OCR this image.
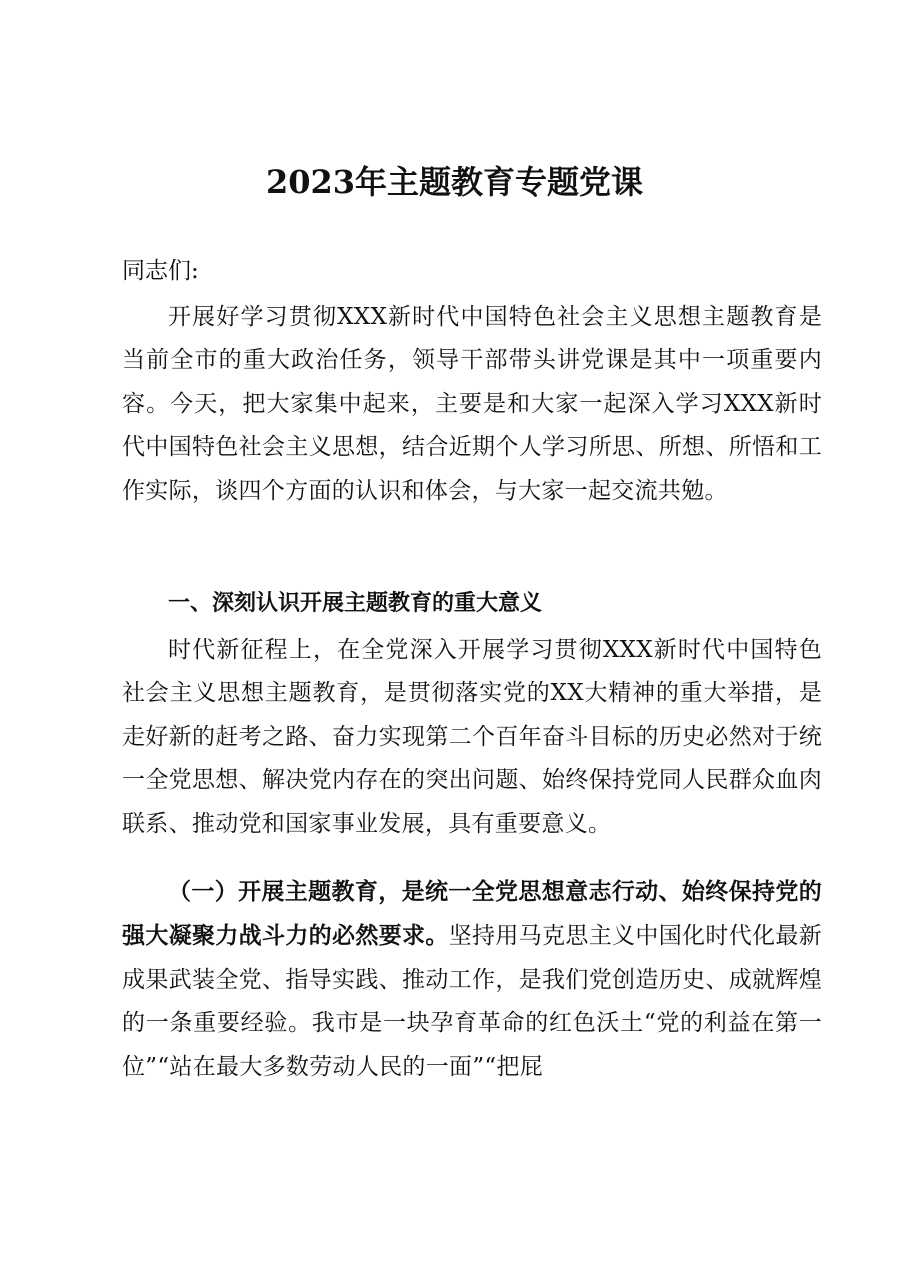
2023年主题教育专题党课
同志们:

开展好学习贯彻XXX新时代中国特色社会主义思想主题教育是当前全市的重大政治任务，领导干部带头讲党课是其中一项重要内容。今天，把大家集中起来，主要是和大家一起深入学习XXX新时代中国特色社会主义思想，结合近期个人学习所思、所想、所悟和工作实际，谈四个方面的认识和体会，与大家一起交流共勉。

一、深刻认识开展主题教育的重大意义

时代新征程上，在全党深入开展学习贯彻XXX新时代中国特色社会主义思想主题教育，是贯彻落实党的XX大精神的重大举措，是走好新的赶考之路、奋力实现第二个百年奋斗目标的历史必然对于统一全党思想、解决党内存在的突出问题、始终保持党同人民群众血肉联系、推动党和国家事业发展，具有重要意义。

（一）开展主题教育，是统一全党思想意志行动、始终保持党的强大凝聚力战斗力的必然要求。坚持用马克思主义中国化时代化最新成果武装全党、指导实践、推动工作，是我们党创造历史、成就辉煌的一条重要经验。我市是一块孕育革命的红色沃土“党的利益在第一位”“站在最大多数劳动人民的一面”“把屁
